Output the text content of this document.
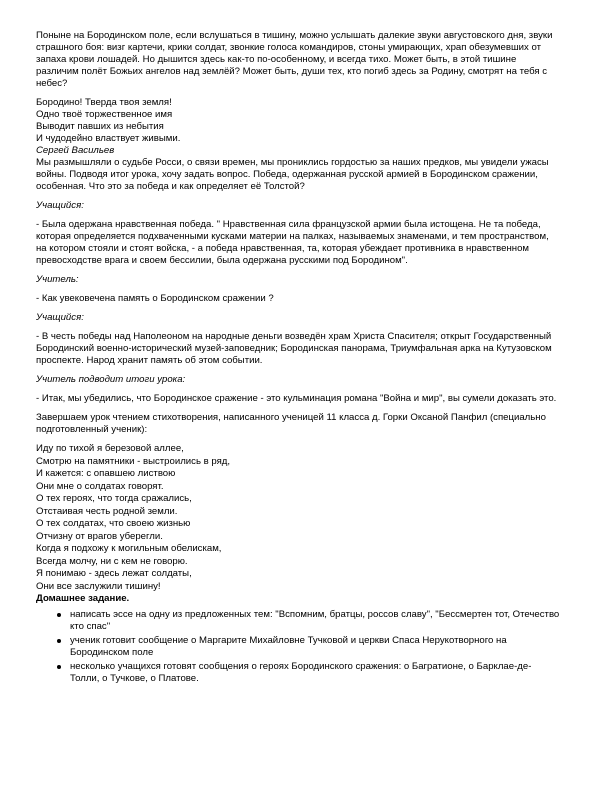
Поныне на Бородинском поле, если вслушаться в тишину, можно услышать далекие звуки августовского дня, звуки страшного боя: визг картечи, крики солдат, звонкие голоса командиров, стоны умирающих, храп обезумевших от запаха крови лошадей. Но дышится здесь как-то по-особенному, и всегда тихо. Может быть, в этой тишине различим полёт Божьих ангелов над землёй? Может быть, души тех, кто погиб здесь за Родину, смотрят на тебя с небес?

Бородино! Тверда твоя земля!

Одно твоё торжественное имя

Выводит павших из небытия

И чудодейно властвует живыми.

Сергей Васильев

Мы размышляли о судьбе Росси, о связи времен, мы прониклись гордостью за наших предков, мы увидели ужасы войны. Подводя итог урока, хочу задать вопрос. Победа, одержанная русской армией в Бородинском сражении, особенная. Что это за победа и как определяет её Толстой?

Учащийся:

- Была одержана нравственная победа. " Нравственная сила французской армии была истощена. Не та победа, которая определяется подхваченными кусками материи на палках, называемых знаменами, и тем пространством, на котором стояли и стоят войска, - а победа нравственная, та, которая убеждает противника в нравственном превосходстве врага и своем бессилии, была одержана русскими под Бородином".

Учитель:

- Как увековечена память о Бородинском сражении ?

Учащийся:

- В честь победы над Наполеоном на народные деньги возведён храм Христа Спасителя; открыт Государственный Бородинский военно-исторический музей-заповедник; Бородинская панорама, Триумфальная арка на Кутузовском проспекте. Народ хранит память об этом событии.

Учитель подводит итоги урока:

- Итак, мы убедились, что Бородинское сражение - это кульминация романа "Война и мир", вы сумели доказать это.

Завершаем урок чтением стихотворения, написанного ученицей 11 класса д. Горки Оксаной Панфил (специально подготовленный ученик):

Иду по тихой я березовой аллее,

Смотрю на памятники - выстроились в ряд,

И кажется: с опавшею листвою

Они мне о солдатах говорят.

О тех героях, что тогда сражались,

Отстаивая честь родной земли.

О тех солдатах, что своею жизнью

Отчизну от врагов уберегли.

Когда я подхожу к могильным обелискам,

Всегда молчу, ни с кем не говорю.

Я понимаю - здесь лежат солдаты,

Они все заслужили тишину!

Домашнее задание.

написать эссе на одну из предложенных тем: "Вспомним, братцы, россов славу", "Бессмертен тот, Отечество кто спас"
ученик готовит сообщение о Маргарите Михайловне Тучковой и церкви Спаса Нерукотворного на Бородинском поле
несколько учащихся готовят сообщения о героях Бородинского сражения: о Багратионе, о Барклае-де-Толли, о Тучкове, о Платове.
